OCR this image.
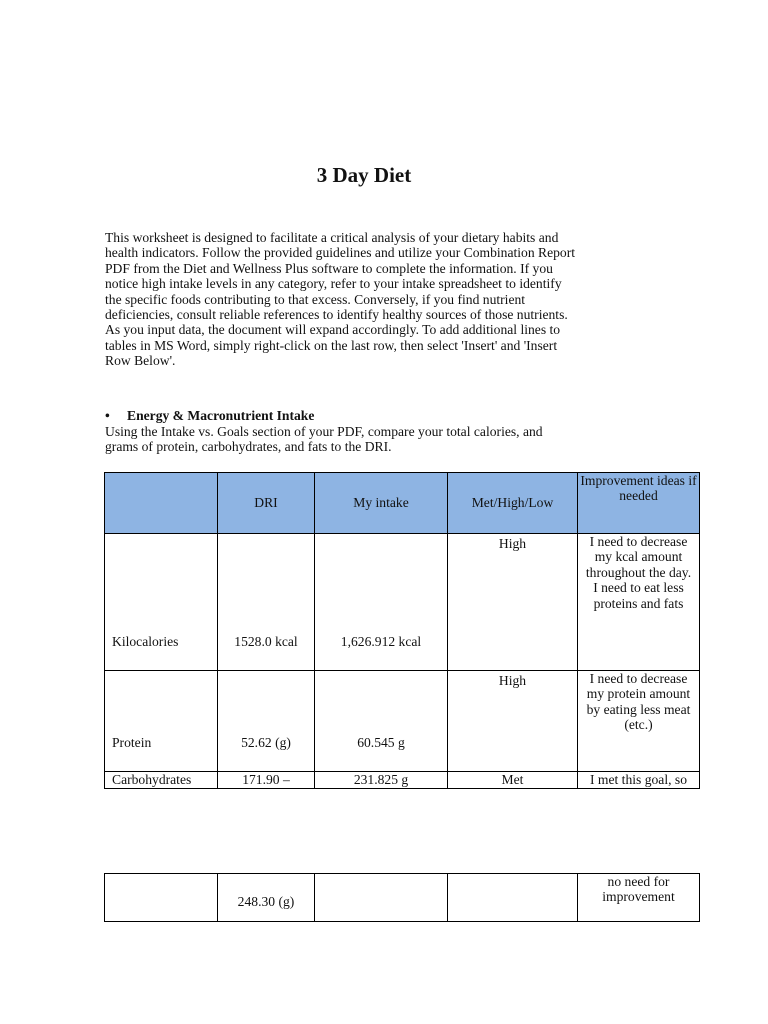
3 Day Diet
This worksheet is designed to facilitate a critical analysis of your dietary habits and
health indicators. Follow the provided guidelines and utilize your Combination Report
PDF from the Diet and Wellness Plus software to complete the information. If you
notice high intake levels in any category, refer to your intake spreadsheet to identify
the specific foods contributing to that excess. Conversely, if you find nutrient
deficiencies, consult reliable references to identify healthy sources of those nutrients.
As you input data, the document will expand accordingly. To add additional lines to
tables in MS Word, simply right-click on the last row, then select 'Insert' and 'Insert
Row Below'.
• Energy & Macronutrient Intake
Using the Intake vs. Goals section of your PDF, compare your total calories, and
grams of protein, carbohydrates, and fats to the DRI.
	DRI	My intake	Met/High/Low	Improvement ideas if needed
Kilocalories	1528.0 kcal	1,626.912 kcal	High	I need to decrease my kcal amount throughout the day. I need to eat less proteins and fats
Protein	52.62 (g)	60.545 g	High	I need to decrease my protein amount by eating less meat (etc.)
Carbohydrates	171.90 –	231.825 g	Met	I met this goal, so
	248.30 (g)			no need for improvement
